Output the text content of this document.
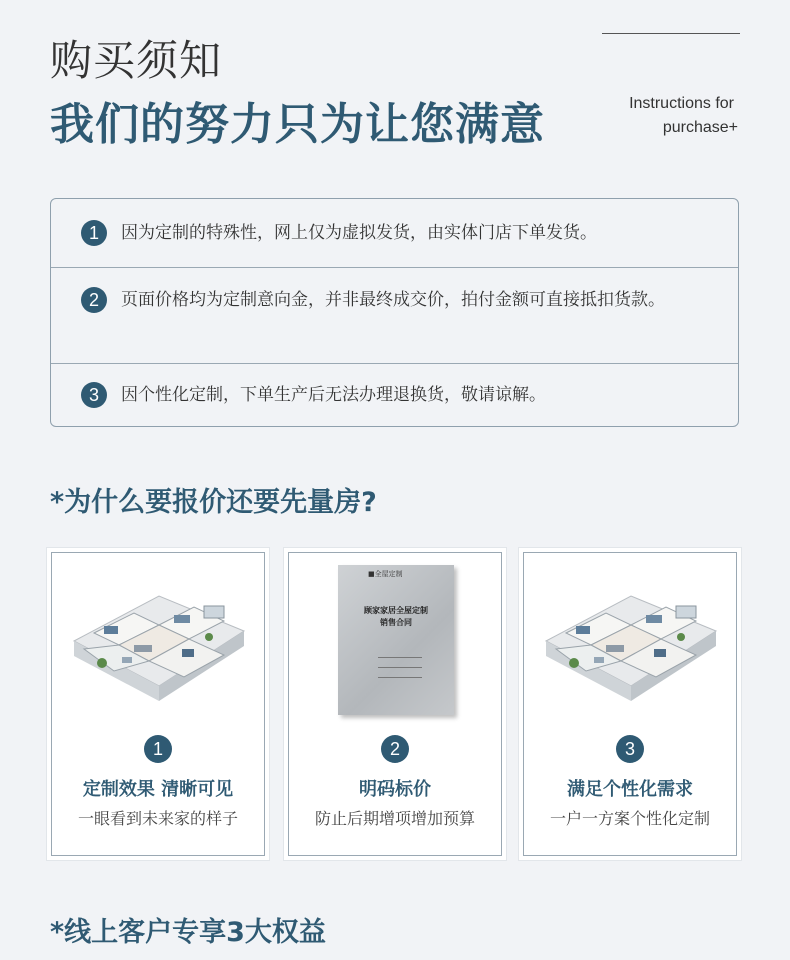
购买须知
我们的努力只为让您满意	Instructions for
purchase+
1	因为定制的特殊性，网上仅为虚拟发货，由实体门店下单发货。
2	页面价格均为定制意向金，并非最终成交价，拍付金额可直接抵扣货款。
3	因个性化定制，下单生产后无法办理退换货，敬请谅解。
*为什么要报价还要先量房?
1
定制效果 清晰可见
一眼看到未来家的样子
■全屋定制
顾家家居全屋定制
销售合同
2
明码标价
防止后期增项增加预算
3
满足个性化需求
一户一方案个性化定制
*线上客户专享3大权益
